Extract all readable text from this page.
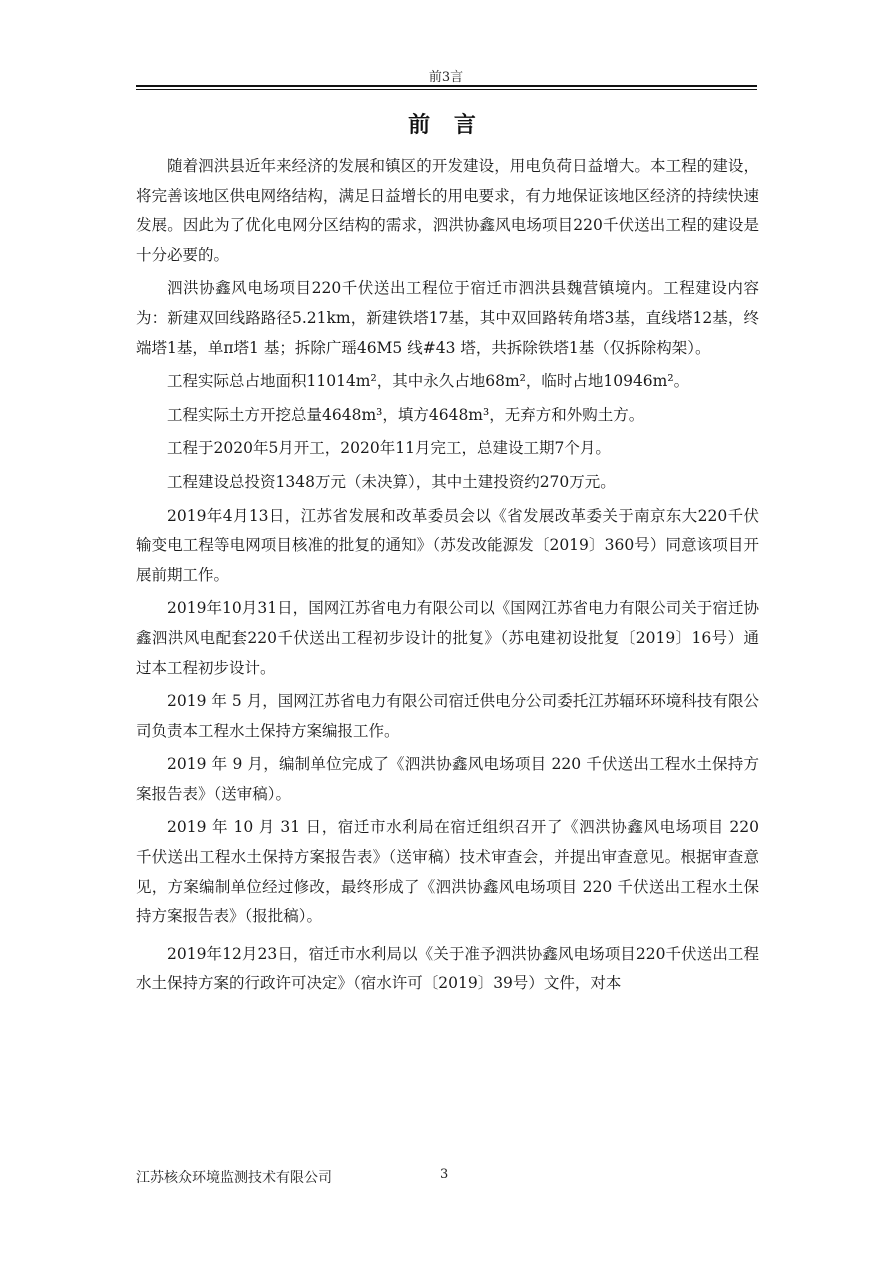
前3言
前 言

随着泗洪县近年来经济的发展和镇区的开发建设，用电负荷日益增大。本工程的建设，将完善该地区供电网络结构，满足日益增长的用电要求，有力地保证该地区经济的持续快速发展。因此为了优化电网分区结构的需求，泗洪协鑫风电场项目220千伏送出工程的建设是十分必要的。

泗洪协鑫风电场项目220千伏送出工程位于宿迁市泗洪县魏营镇境内。工程建设内容为：新建双回线路路径5.21km，新建铁塔17基，其中双回路转角塔3基，直线塔12基，终端塔1基，单π塔1 基；拆除广瑶46M5 线#43 塔，共拆除铁塔1基（仅拆除构架）。

工程实际总占地面积11014m²，其中永久占地68m²，临时占地10946m²。

工程实际土方开挖总量4648m³，填方4648m³，无弃方和外购土方。

工程于2020年5月开工，2020年11月完工，总建设工期7个月。

工程建设总投资1348万元（未决算），其中土建投资约270万元。

2019年4月13日，江苏省发展和改革委员会以《省发展改革委关于南京东大220千伏输变电工程等电网项目核准的批复的通知》（苏发改能源发〔2019〕360号）同意该项目开展前期工作。

2019年10月31日，国网江苏省电力有限公司以《国网江苏省电力有限公司关于宿迁协鑫泗洪风电配套220千伏送出工程初步设计的批复》（苏电建初设批复〔2019〕16号）通过本工程初步设计。

2019 年 5 月，国网江苏省电力有限公司宿迁供电分公司委托江苏辐环环境科技有限公司负责本工程水土保持方案编报工作。

2019 年 9 月，编制单位完成了《泗洪协鑫风电场项目 220 千伏送出工程水土保持方案报告表》（送审稿）。

2019 年 10 月 31 日，宿迁市水利局在宿迁组织召开了《泗洪协鑫风电场项目 220 千伏送出工程水土保持方案报告表》（送审稿）技术审查会，并提出审查意见。根据审查意见，方案编制单位经过修改，最终形成了《泗洪协鑫风电场项目 220 千伏送出工程水土保持方案报告表》（报批稿）。

2019年12月23日，宿迁市水利局以《关于准予泗洪协鑫风电场项目220千伏送出工程水土保持方案的行政许可决定》（宿水许可〔2019〕39号）文件，对本

江苏核众环境监测技术有限公司	3
